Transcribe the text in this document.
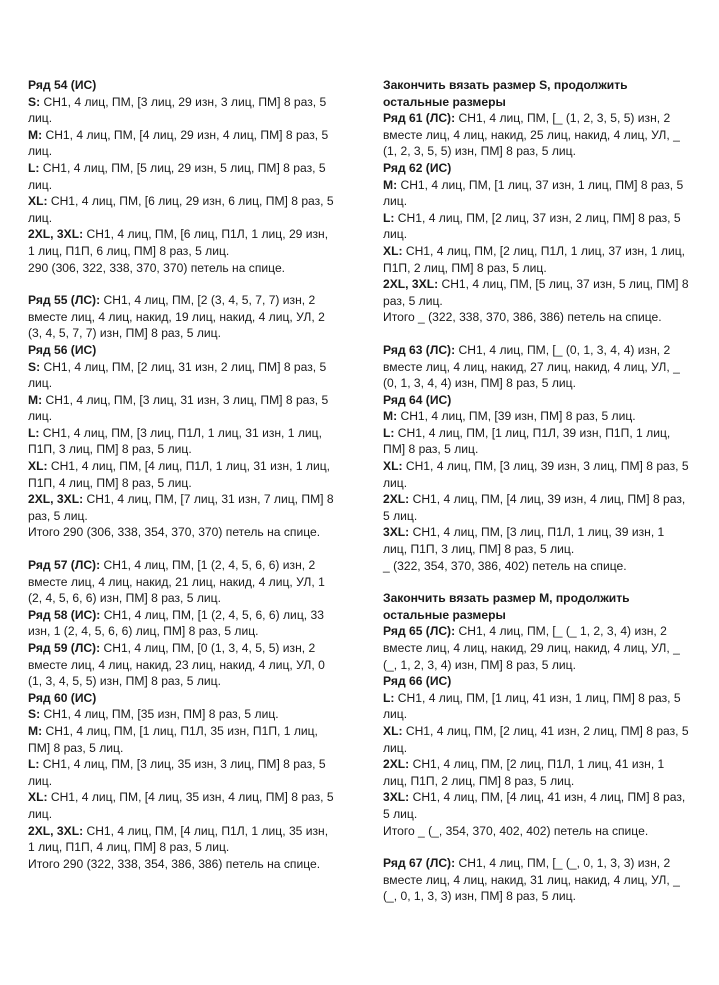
Ряд 54 (ИС)
S: СН1, 4 лиц, ПМ, [3 лиц, 29 изн, 3 лиц, ПМ] 8 раз, 5 лиц.
M: СН1, 4 лиц, ПМ, [4 лиц, 29 изн, 4 лиц, ПМ] 8 раз, 5 лиц.
L: СН1, 4 лиц, ПМ, [5 лиц, 29 изн, 5 лиц, ПМ] 8 раз, 5 лиц.
XL: СН1, 4 лиц, ПМ, [6 лиц, 29 изн, 6 лиц, ПМ] 8 раз, 5 лиц.
2XL, 3XL: СН1, 4 лиц, ПМ, [6 лиц, П1Л, 1 лиц, 29 изн, 1 лиц, П1П, 6 лиц, ПМ] 8 раз, 5 лиц.
290 (306, 322, 338, 370, 370) петель на спице.
Ряд 55 (ЛС): СН1, 4 лиц, ПМ, [2 (3, 4, 5, 7, 7) изн, 2 вместе лиц, 4 лиц, накид, 19 лиц, накид, 4 лиц, УЛ, 2 (3, 4, 5, 7, 7) изн, ПМ] 8 раз, 5 лиц.
Ряд 56 (ИС)
S: СН1, 4 лиц, ПМ, [2 лиц, 31 изн, 2 лиц, ПМ] 8 раз, 5 лиц.
M: СН1, 4 лиц, ПМ, [3 лиц, 31 изн, 3 лиц, ПМ] 8 раз, 5 лиц.
L: СН1, 4 лиц, ПМ, [3 лиц, П1Л, 1 лиц, 31 изн, 1 лиц, П1П, 3 лиц, ПМ] 8 раз, 5 лиц.
XL: СН1, 4 лиц, ПМ, [4 лиц, П1Л, 1 лиц, 31 изн, 1 лиц, П1П, 4 лиц, ПМ] 8 раз, 5 лиц.
2XL, 3XL: СН1, 4 лиц, ПМ, [7 лиц, 31 изн, 7 лиц, ПМ] 8 раз, 5 лиц.
Итого 290 (306, 338, 354, 370, 370) петель на спице.
Ряд 57 (ЛС): СН1, 4 лиц, ПМ, [1 (2, 4, 5, 6, 6) изн, 2 вместе лиц, 4 лиц, накид, 21 лиц, накид, 4 лиц, УЛ, 1 (2, 4, 5, 6, 6) изн, ПМ] 8 раз, 5 лиц.
Ряд 58 (ИС): СН1, 4 лиц, ПМ, [1 (2, 4, 5, 6, 6) лиц, 33 изн, 1 (2, 4, 5, 6, 6) лиц, ПМ] 8 раз, 5 лиц.
Ряд 59 (ЛС): СН1, 4 лиц, ПМ, [0 (1, 3, 4, 5, 5) изн, 2 вместе лиц, 4 лиц, накид, 23 лиц, накид, 4 лиц, УЛ, 0 (1, 3, 4, 5, 5) изн, ПМ] 8 раз, 5 лиц.
Ряд 60 (ИС)
S: СН1, 4 лиц, ПМ, [35 изн, ПМ] 8 раз, 5 лиц.
M: СН1, 4 лиц, ПМ, [1 лиц, П1Л, 35 изн, П1П, 1 лиц, ПМ] 8 раз, 5 лиц.
L: СН1, 4 лиц, ПМ, [3 лиц, 35 изн, 3 лиц, ПМ] 8 раз, 5 лиц.
XL: СН1, 4 лиц, ПМ, [4 лиц, 35 изн, 4 лиц, ПМ] 8 раз, 5 лиц.
2XL, 3XL: СН1, 4 лиц, ПМ, [4 лиц, П1Л, 1 лиц, 35 изн, 1 лиц, П1П, 4 лиц, ПМ] 8 раз, 5 лиц.
Итого 290 (322, 338, 354, 386, 386) петель на спице.
Закончить вязать размер S, продолжить остальные размеры
Ряд 61 (ЛС): СН1, 4 лиц, ПМ, [_ (1, 2, 3, 5, 5) изн, 2 вместе лиц, 4 лиц, накид, 25 лиц, накид, 4 лиц, УЛ, _ (1, 2, 3, 5, 5) изн, ПМ] 8 раз, 5 лиц.
Ряд 62 (ИС)
M: СН1, 4 лиц, ПМ, [1 лиц, 37 изн, 1 лиц, ПМ] 8 раз, 5 лиц.
L: СН1, 4 лиц, ПМ, [2 лиц, 37 изн, 2 лиц, ПМ] 8 раз, 5 лиц.
XL: СН1, 4 лиц, ПМ, [2 лиц, П1Л, 1 лиц, 37 изн, 1 лиц, П1П, 2 лиц, ПМ] 8 раз, 5 лиц.
2XL, 3XL: СН1, 4 лиц, ПМ, [5 лиц, 37 изн, 5 лиц, ПМ] 8 раз, 5 лиц.
Итого _ (322, 338, 370, 386, 386) петель на спице.
Ряд 63 (ЛС): СН1, 4 лиц, ПМ, [_ (0, 1, 3, 4, 4) изн, 2 вместе лиц, 4 лиц, накид, 27 лиц, накид, 4 лиц, УЛ, _ (0, 1, 3, 4, 4) изн, ПМ] 8 раз, 5 лиц.
Ряд 64 (ИС)
M: СН1, 4 лиц, ПМ, [39 изн, ПМ] 8 раз, 5 лиц.
L: СН1, 4 лиц, ПМ, [1 лиц, П1Л, 39 изн, П1П, 1 лиц, ПМ] 8 раз, 5 лиц.
XL: СН1, 4 лиц, ПМ, [3 лиц, 39 изн, 3 лиц, ПМ] 8 раз, 5 лиц.
2XL: СН1, 4 лиц, ПМ, [4 лиц, 39 изн, 4 лиц, ПМ] 8 раз, 5 лиц.
3XL: СН1, 4 лиц, ПМ, [3 лиц, П1Л, 1 лиц, 39 изн, 1 лиц, П1П, 3 лиц, ПМ] 8 раз, 5 лиц.
_ (322, 354, 370, 386, 402) петель на спице.
Закончить вязать размер М, продолжить остальные размеры
Ряд 65 (ЛС): СН1, 4 лиц, ПМ, [_ (_ 1, 2, 3, 4) изн, 2 вместе лиц, 4 лиц, накид, 29 лиц, накид, 4 лиц, УЛ, _ (_, 1, 2, 3, 4) изн, ПМ] 8 раз, 5 лиц.
Ряд 66 (ИС)
L: СН1, 4 лиц, ПМ, [1 лиц, 41 изн, 1 лиц, ПМ] 8 раз, 5 лиц.
XL: СН1, 4 лиц, ПМ, [2 лиц, 41 изн, 2 лиц, ПМ] 8 раз, 5 лиц.
2XL: СН1, 4 лиц, ПМ, [2 лиц, П1Л, 1 лиц, 41 изн, 1 лиц, П1П, 2 лиц, ПМ] 8 раз, 5 лиц.
3XL: СН1, 4 лиц, ПМ, [4 лиц, 41 изн, 4 лиц, ПМ] 8 раз, 5 лиц.
Итого _ (_, 354, 370, 402, 402) петель на спице.
Ряд 67 (ЛС): СН1, 4 лиц, ПМ, [_ (_, 0, 1, 3, 3) изн, 2 вместе лиц, 4 лиц, накид, 31 лиц, накид, 4 лиц, УЛ, _ (_, 0, 1, 3, 3) изн, ПМ] 8 раз, 5 лиц.
